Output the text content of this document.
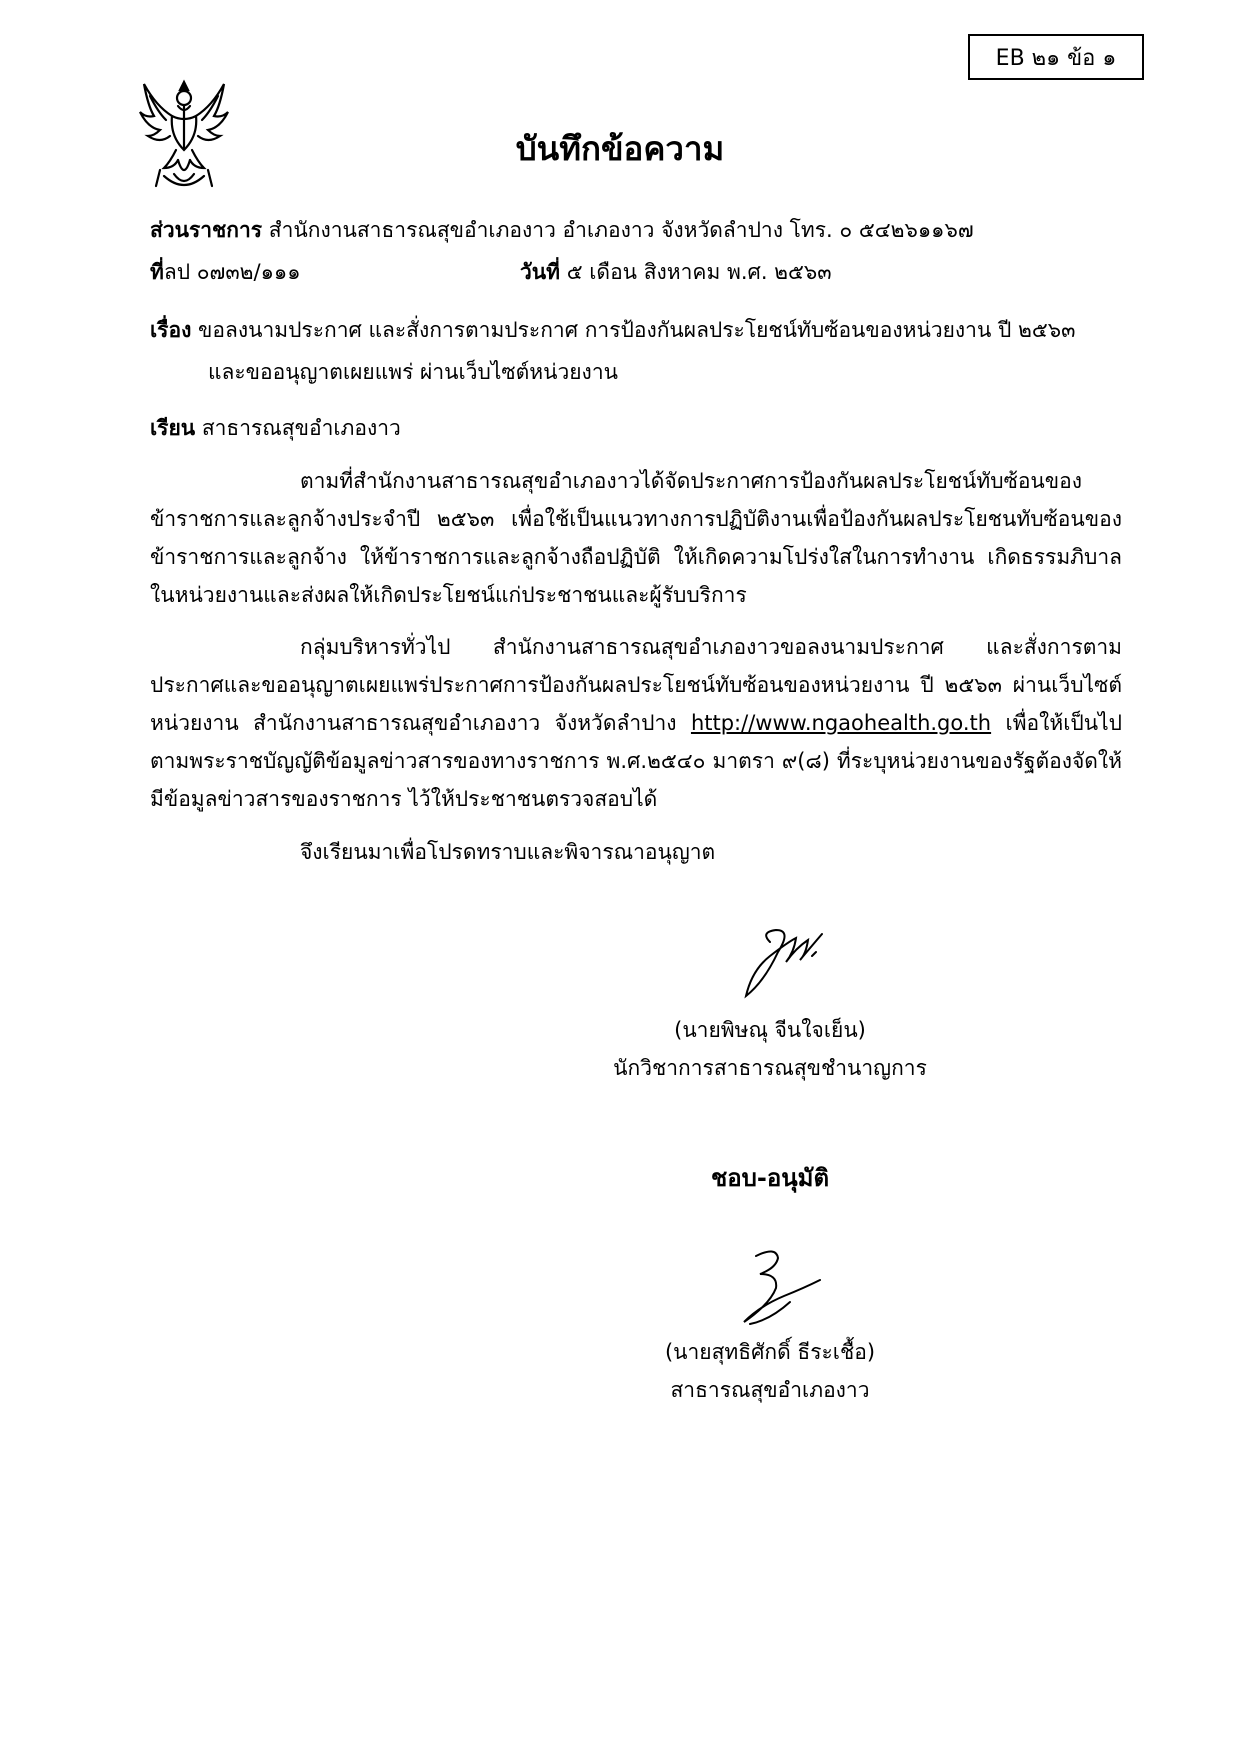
EB ๒๑ ข้อ ๑
บันทึกข้อความ
ส่วนราชการ สำนักงานสาธารณสุขอำเภองาว อำเภองาว จังหวัดลำปาง โทร. ๐ ๕๔๒๖๑๑๖๗
ที่ลป ๐๗๓๒/๑๑๑	วันที่ ๕ เดือน สิงหาคม พ.ศ. ๒๕๖๓
เรื่อง ขอลงนามประกาศ และสั่งการตามประกาศ การป้องกันผลประโยชน์ทับซ้อนของหน่วยงาน ปี ๒๕๖๓
และขออนุญาตเผยแพร่ ผ่านเว็บไซต์หน่วยงาน
เรียน สาธารณสุขอำเภองาว

ตามที่สำนักงานสาธารณสุขอำเภองาวได้จัดประกาศการป้องกันผลประโยชน์ทับซ้อนของข้าราชการและลูกจ้างประจำปี ๒๕๖๓ เพื่อใช้เป็นแนวทางการปฏิบัติงานเพื่อป้องกันผลประโยชนทับซ้อนของข้าราชการและลูกจ้าง ให้ข้าราชการและลูกจ้างถือปฏิบัติ ให้เกิดความโปร่งใสในการทำงาน เกิดธรรมภิบาลในหน่วยงานและส่งผลให้เกิดประโยชน์แก่ประชาชนและผู้รับบริการ

กลุ่มบริหารทั่วไป สำนักงานสาธารณสุขอำเภองาวขอลงนามประกาศ และสั่งการตามประกาศและขออนุญาตเผยแพร่ประกาศการป้องกันผลประโยชน์ทับซ้อนของหน่วยงาน ปี ๒๕๖๓ ผ่านเว็บไซต์หน่วยงาน สำนักงานสาธารณสุขอำเภองาว จังหวัดลำปาง http://www.ngaohealth.go.th เพื่อให้เป็นไปตามพระราชบัญญัติข้อมูลข่าวสารของทางราชการ พ.ศ.๒๕๔๐ มาตรา ๙(๘) ที่ระบุหน่วยงานของรัฐต้องจัดให้มีข้อมูลข่าวสารของราชการ ไว้ให้ประชาชนตรวจสอบได้

จึงเรียนมาเพื่อโปรดทราบและพิจารณาอนุญาต
(นายพิษณุ จีนใจเย็น)
นักวิชาการสาธารณสุขชำนาญการ
ชอบ-อนุมัติ
(นายสุทธิศักดิ์ ธีระเชื้อ)
สาธารณสุขอำเภองาว
